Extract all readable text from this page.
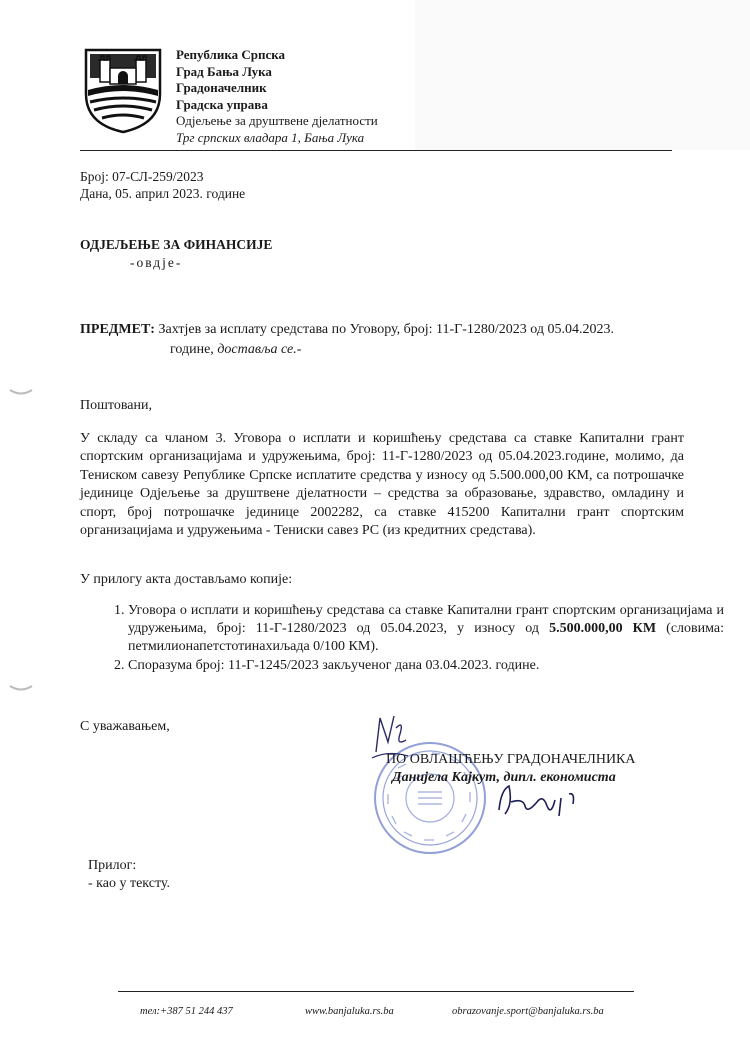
Република Српска
Град Бања Лука
Градоначелник
Градска управа
Одјељење за друштвене дјелатности
Трг српских владара 1, Бања Лука
Број: 07-СЛ-259/2023
Дана, 05. април 2023. године
ОДЈЕЉЕЊЕ ЗА ФИНАНСИЈЕ
-овдје-
ПРЕДМЕТ: Захтјев за исплату средстава по Уговору, број: 11-Г-1280/2023 од 05.04.2023.
године, достављa се.-
Поштовани,
У складу са чланом 3. Уговора о исплати и коришћењу средстава са ставке Капитални грант спортским организацијама и удружењима, број: 11-Г-1280/2023 од 05.04.2023.године, молимо, да Тениском савезу Републике Српске исплатите средства у износу од 5.500.000,00 КМ, са потрошачке јединице Одјељење за друштвене дјелатности – средства за образовање, здравство, омладину и спорт, број потрошачке јединице 2002282, са ставке 415200 Капитални грант спортским организацијама и удружењима - Тениски савез РС (из кредитних средстава).
У прилогу акта достављамо копије:
1. Уговора о исплати и коришћењу средстава са ставке Капитални грант спортским организацијама и удружењима, број: 11-Г-1280/2023 од 05.04.2023, у износу од 5.500.000,00 КМ (словима: петмилионапетстотинахиљада 0/100 КМ).
2. Споразума број: 11-Г-1245/2023 закљученог дана 03.04.2023. године.
С уважавањем,
ПО ОВЛАШЋЕЊУ ГРАДОНАЧЕЛНИКА
Данијела Кајкут, дипл. економиста
Прилог:
- као у тексту.
тел:+387 51 244 437	www.banjaluka.rs.ba	obrazovanje.sport@banjaluka.rs.ba
